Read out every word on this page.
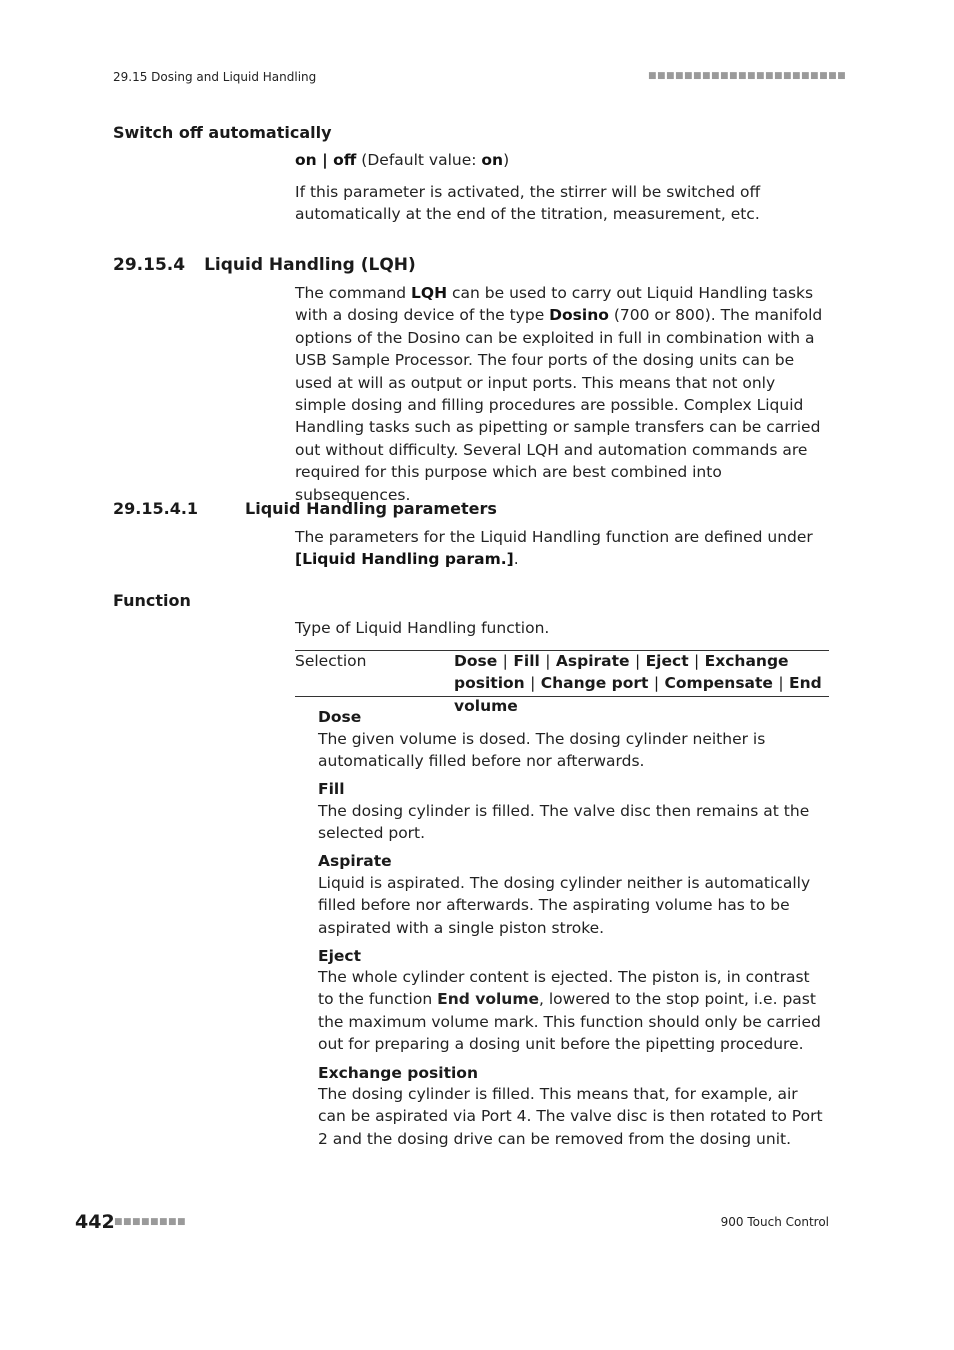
29.15 Dosing and Liquid Handling	■■■■■■■■■■■■■■■■■■■■■■
Switch off automatically
on | off (Default value: on)
If this parameter is activated, the stirrer will be switched off automatically at the end of the titration, measurement, etc.
29.15.4 Liquid Handling (LQH)
The command LQH can be used to carry out Liquid Handling tasks with a dosing device of the type Dosino (700 or 800). The manifold options of the Dosino can be exploited in full in combination with a USB Sample Processor. The four ports of the dosing units can be used at will as output or input ports. This means that not only simple dosing and filling procedures are possible. Complex Liquid Handling tasks such as pipetting or sample transfers can be carried out without difficulty. Several LQH and automation commands are required for this purpose which are best combined into subsequences.
29.15.4.1	Liquid Handling parameters
The parameters for the Liquid Handling function are defined under [Liquid Handling param.].
Function
Type of Liquid Handling function.
Selection	Dose | Fill | Aspirate | Eject | Exchange position | Change port | Compensate | End volume
Dose
The given volume is dosed. The dosing cylinder neither is automatically filled before nor afterwards.
Fill
The dosing cylinder is filled. The valve disc then remains at the selected port.
Aspirate
Liquid is aspirated. The dosing cylinder neither is automatically filled before nor afterwards. The aspirating volume has to be aspirated with a single piston stroke.
Eject
The whole cylinder content is ejected. The piston is, in contrast to the function End volume, lowered to the stop point, i.e. past the maximum volume mark. This function should only be carried out for preparing a dosing unit before the pipetting procedure.
Exchange position
The dosing cylinder is filled. This means that, for example, air can be aspirated via Port 4. The valve disc is then rotated to Port 2 and the dosing drive can be removed from the dosing unit.
442 ■■■■■■■■	900 Touch Control
